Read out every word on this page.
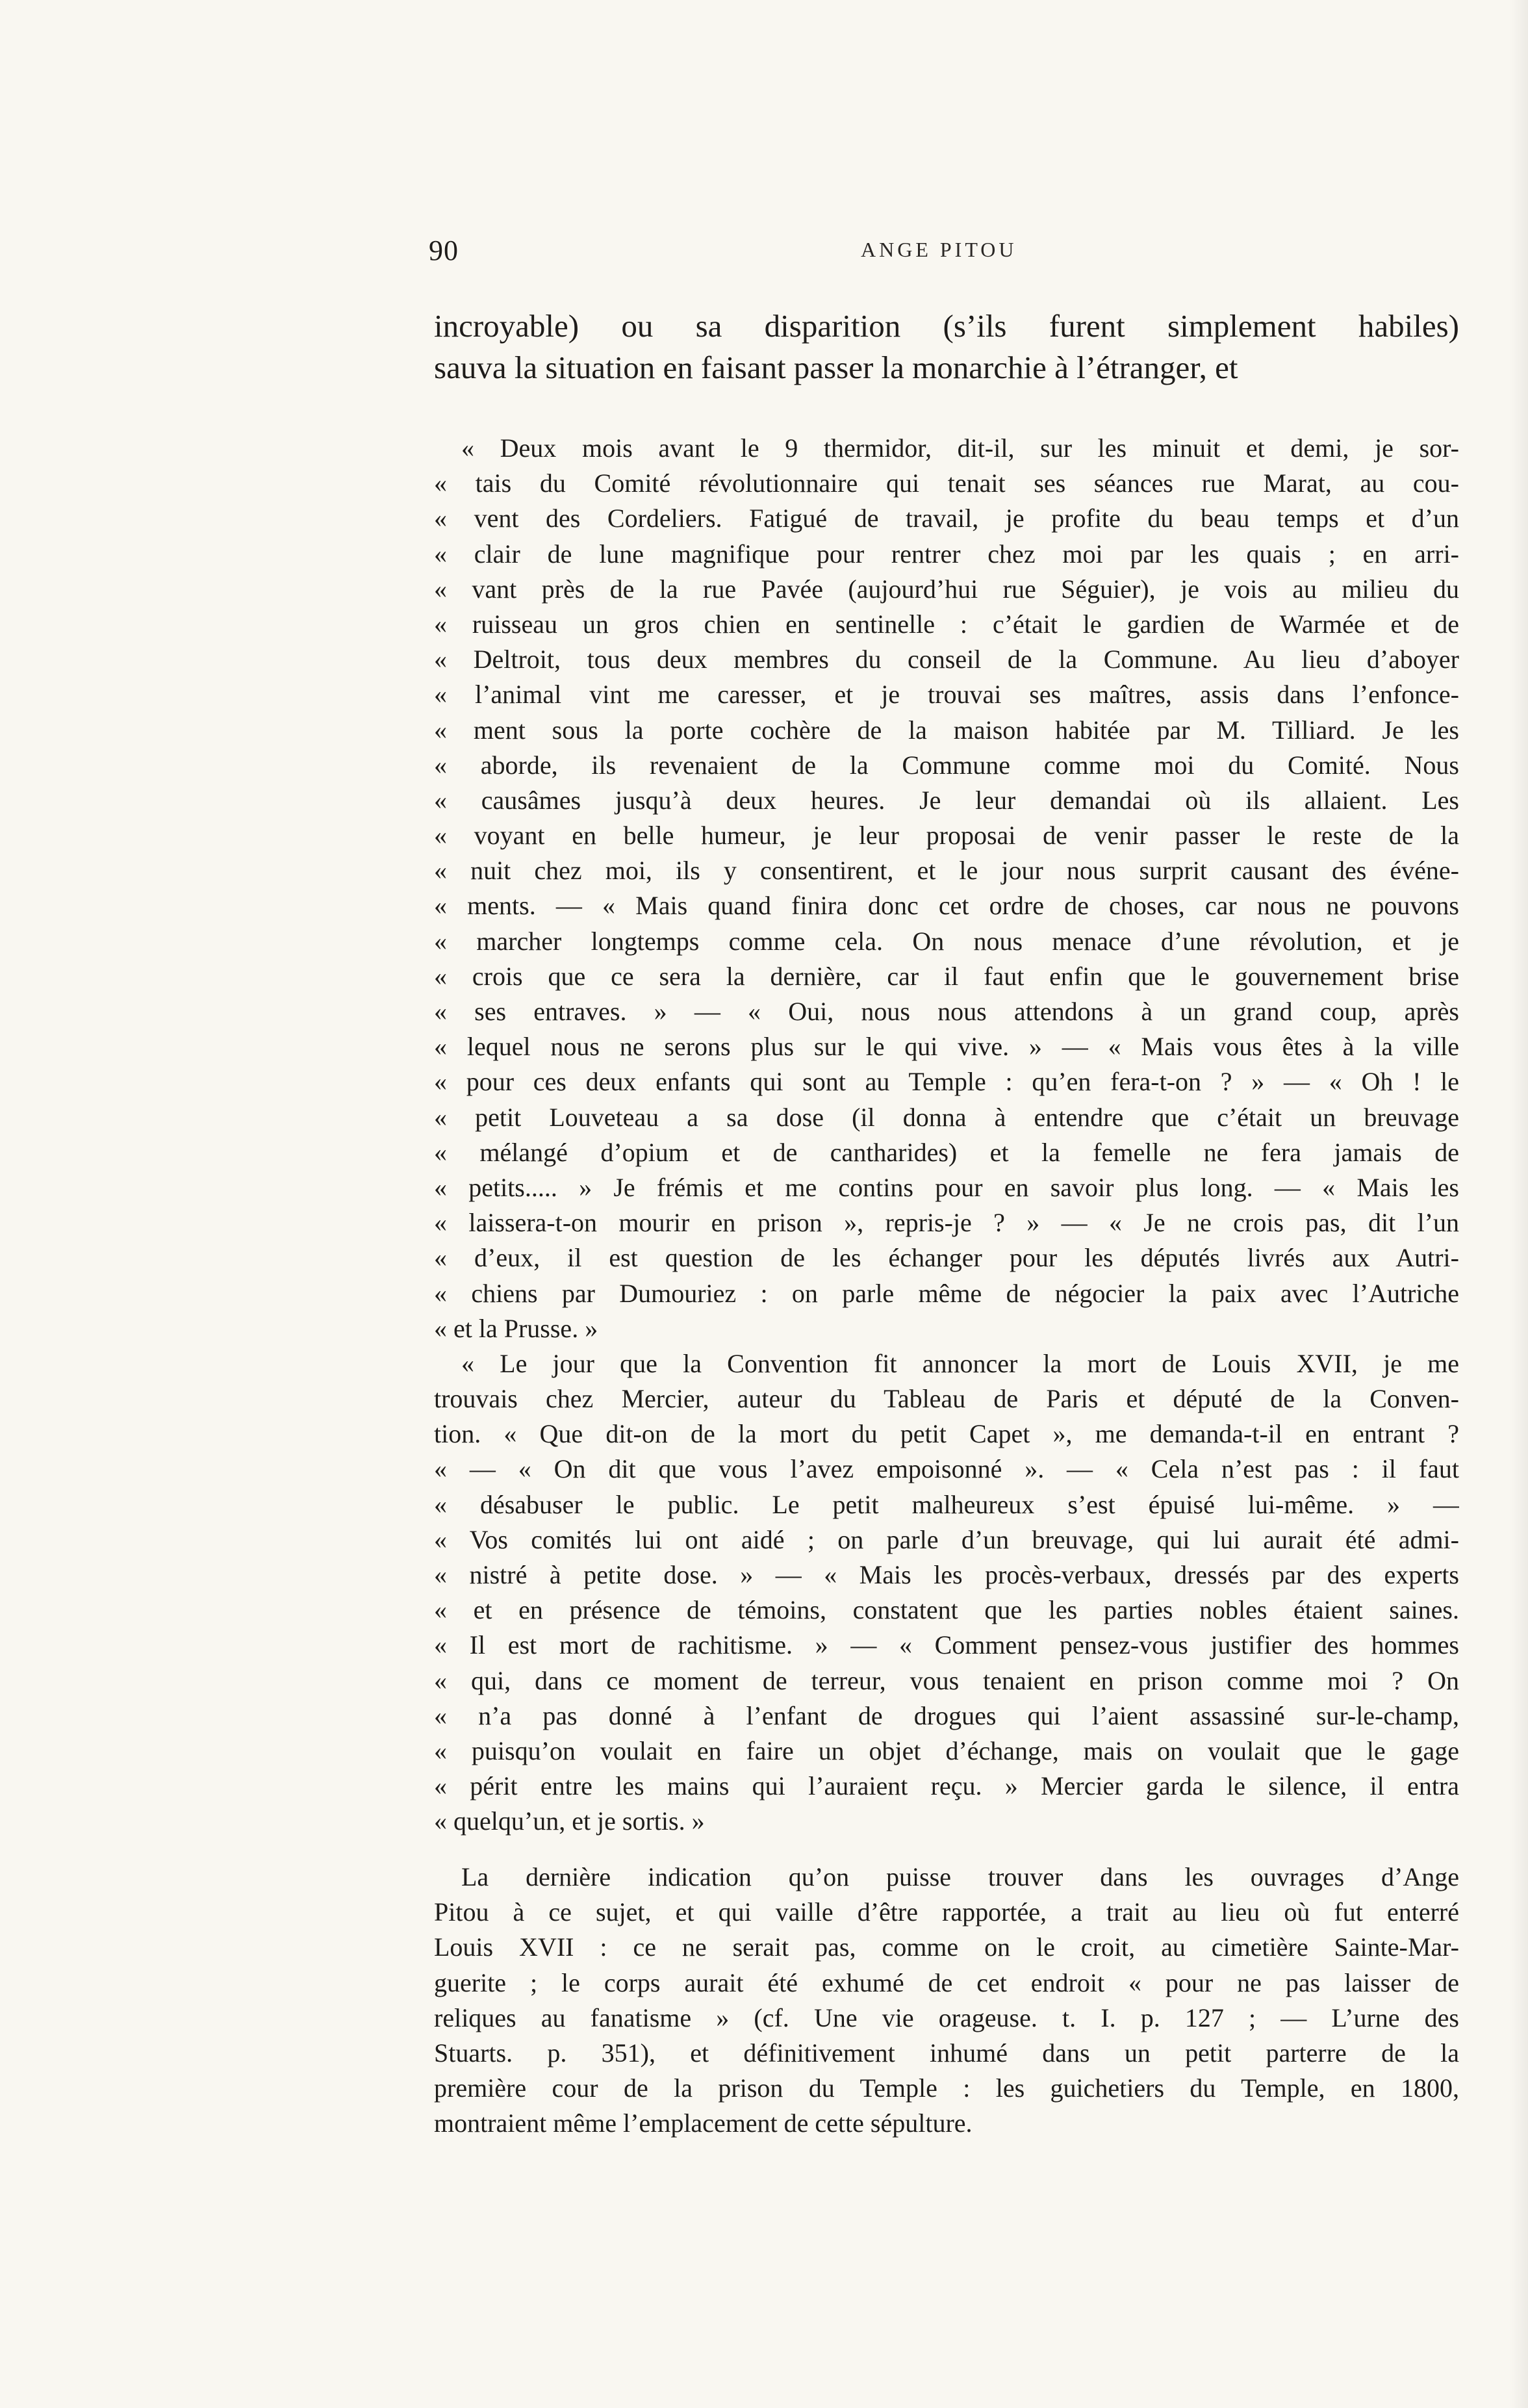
90	ANGE PITOU
incroyable) ou sa disparition (s’ils furent simplement habiles)
sauva la situation en faisant passer la monarchie à l’étranger, et
« Deux mois avant le 9 thermidor, dit-il, sur les minuit et demi, je sor-
« tais du Comité révolutionnaire qui tenait ses séances rue Marat, au cou-
« vent des Cordeliers. Fatigué de travail, je profite du beau temps et d’un
« clair de lune magnifique pour rentrer chez moi par les quais ; en arri-
« vant près de la rue Pavée (aujourd’hui rue Séguier), je vois au milieu du
« ruisseau un gros chien en sentinelle : c’était le gardien de Warmée et de
« Deltroit, tous deux membres du conseil de la Commune. Au lieu d’aboyer
« l’animal vint me caresser, et je trouvai ses maîtres, assis dans l’enfonce-
« ment sous la porte cochère de la maison habitée par M. Tilliard. Je les
« aborde, ils revenaient de la Commune comme moi du Comité. Nous
« causâmes jusqu’à deux heures. Je leur demandai où ils allaient. Les
« voyant en belle humeur, je leur proposai de venir passer le reste de la
« nuit chez moi, ils y consentirent, et le jour nous surprit causant des événe-
« ments. — « Mais quand finira donc cet ordre de choses, car nous ne pouvons
« marcher longtemps comme cela. On nous menace d’une révolution, et je
« crois que ce sera la dernière, car il faut enfin que le gouvernement brise
« ses entraves. » — « Oui, nous nous attendons à un grand coup, après
« lequel nous ne serons plus sur le qui vive. » — « Mais vous êtes à la ville
« pour ces deux enfants qui sont au Temple : qu’en fera-t-on ? » — « Oh ! le
« petit Louveteau a sa dose (il donna à entendre que c’était un breuvage
« mélangé d’opium et de cantharides) et la femelle ne fera jamais de
« petits..... » Je frémis et me contins pour en savoir plus long. — « Mais les
« laissera-t-on mourir en prison », repris-je ? » — « Je ne crois pas, dit l’un
« d’eux, il est question de les échanger pour les députés livrés aux Autri-
« chiens par Dumouriez : on parle même de négocier la paix avec l’Autriche
« et la Prusse. »
« Le jour que la Convention fit annoncer la mort de Louis XVII, je me
trouvais chez Mercier, auteur du Tableau de Paris et député de la Conven-
tion. « Que dit-on de la mort du petit Capet », me demanda-t-il en entrant ?
« — « On dit que vous l’avez empoisonné ». — « Cela n’est pas : il faut
« désabuser le public. Le petit malheureux s’est épuisé lui-même. » —
« Vos comités lui ont aidé ; on parle d’un breuvage, qui lui aurait été admi-
« nistré à petite dose. » — « Mais les procès-verbaux, dressés par des experts
« et en présence de témoins, constatent que les parties nobles étaient saines.
« Il est mort de rachitisme. » — « Comment pensez-vous justifier des hommes
« qui, dans ce moment de terreur, vous tenaient en prison comme moi ? On
« n’a pas donné à l’enfant de drogues qui l’aient assassiné sur-le-champ,
« puisqu’on voulait en faire un objet d’échange, mais on voulait que le gage
« périt entre les mains qui l’auraient reçu. » Mercier garda le silence, il entra
« quelqu’un, et je sortis. »
La dernière indication qu’on puisse trouver dans les ouvrages d’Ange
Pitou à ce sujet, et qui vaille d’être rapportée, a trait au lieu où fut enterré
Louis XVII : ce ne serait pas, comme on le croit, au cimetière Sainte-Mar-
guerite ; le corps aurait été exhumé de cet endroit « pour ne pas laisser de
reliques au fanatisme » (cf. Une vie orageuse. t. I. p. 127 ; — L’urne des
Stuarts. p. 351), et définitivement inhumé dans un petit parterre de la
première cour de la prison du Temple : les guichetiers du Temple, en 1800,
montraient même l’emplacement de cette sépulture.
